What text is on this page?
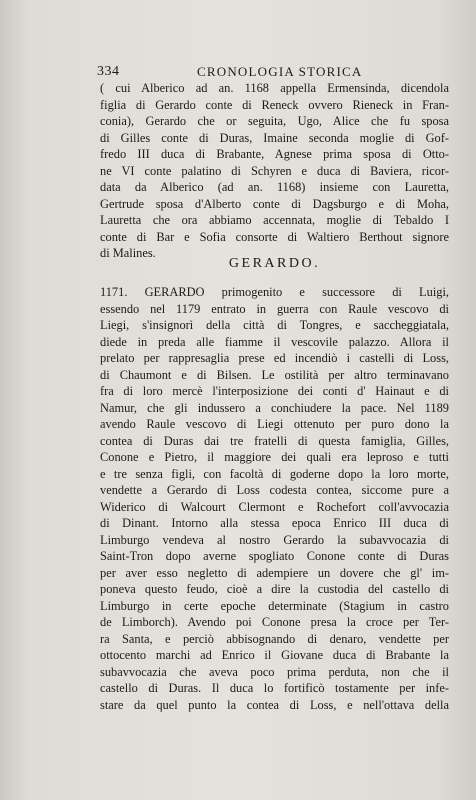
334	CRONOLOGIA STORICA
( cui Alberico ad an. 1168 appella Ermensinda, dicendola
figlia di Gerardo conte di Reneck ovvero Rieneck in Fran-
conia), Gerardo che or seguita, Ugo, Alice che fu sposa
di Gilles conte di Duras, Imaine seconda moglie di Gof-
fredo III duca di Brabante, Agnese prima sposa di Otto-
ne VI conte palatino di Schyren e duca di Baviera, ricor-
data da Alberico (ad an. 1168) insieme con Lauretta,
Gertrude sposa d'Alberto conte di Dagsburgo e di Moha,
Lauretta che ora abbiamo accennata, moglie di Tebaldo I
conte di Bar e Sofia consorte di Waltiero Berthout signore
di Malines.
GERARDO.
1171. GERARDO primogenito e successore di Luigi,
essendo nel 1179 entrato in guerra con Raule vescovo di
Liegi, s'insignorì della città di Tongres, e saccheggiatala,
diede in preda alle fiamme il vescovile palazzo. Allora il
prelato per rappresaglia prese ed incendiò i castelli di Loss,
di Chaumont e di Bilsen. Le ostilità per altro terminavano
fra di loro mercè l'interposizione dei conti d' Hainaut e di
Namur, che gli indussero a conchiudere la pace. Nel 1189
avendo Raule vescovo di Liegi ottenuto per puro dono la
contea di Duras dai tre fratelli di questa famiglia, Gilles,
Conone e Pietro, il maggiore dei quali era leproso e tutti
e tre senza figli, con facoltà di goderne dopo la loro morte,
vendette a Gerardo di Loss codesta contea, siccome pure a
Widerico di Walcourt Clermont e Rochefort coll'avvocazia
di Dinant. Intorno alla stessa epoca Enrico III duca di
Limburgo vendeva al nostro Gerardo la subavvocazia di
Saint-Tron dopo averne spogliato Conone conte di Duras
per aver esso negletto di adempiere un dovere che gl' im-
poneva questo feudo, cioè a dire la custodia del castello di
Limburgo in certe epoche determinate (Stagium in castro
de Limborch). Avendo poi Conone presa la croce per Ter-
ra Santa, e perciò abbisognando di denaro, vendette per
ottocento marchi ad Enrico il Giovane duca di Brabante la
subavvocazia che aveva poco prima perduta, non che il
castello di Duras. Il duca lo fortificò tostamente per infe-
stare da quel punto la contea di Loss, e nell'ottava della
